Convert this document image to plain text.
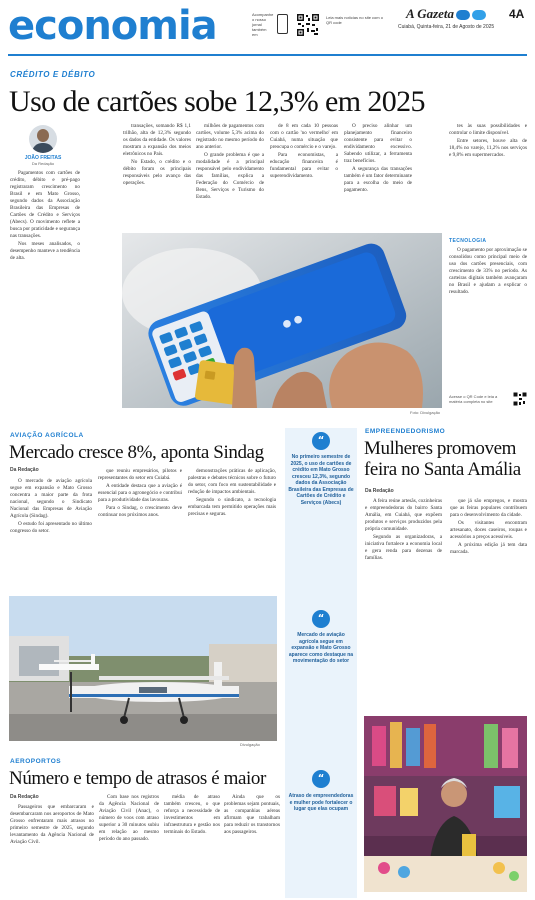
economia	Acompanhe o nosso jornal também em
Leia mais notícias no site com o QR code
A Gazeta	4A
Cuiabá, Quinta-feira, 21 de Agosto de 2025
CRÉDITO E DÉBITO
Uso de cartões sobe 12,3% em 2025
JOÃO FREITAS
Da Redação

Pagamentos com cartões de crédito, débito e pré-pago registraram crescimento no Brasil e em Mato Grosso, segundo dados da Associação Brasileira das Empresas de Cartões de Crédito e Serviços (Abecs). O movimento reflete a busca por praticidade e segurança nas transações.

Nos meses analisados, o desempenho manteve a tendência de alta.

transações, somando R$ 1,1 trilhão, alta de 12,3% segundo os dados da entidade. Os valores mostram a expansão dos meios eletrônicos no País.

No Estado, o crédito e o débito foram os principais responsáveis pelo avanço das operações.

milhões de pagamentos com cartões, volume 5,3% acima do registrado no mesmo período do ano anterior.

O grande problema é que a modalidade é a principal responsável pelo endividamento das famílias, explica a Federação do Comércio de Bens, Serviços e Turismo do Estado.

de 8 em cada 10 pessoas com o cartão 'no vermelho' em Cuiabá, numa situação que preocupa o comércio e o varejo.

Para economistas, a educação financeira é fundamental para evitar o superendividamento.

O preciso alinhar um planejamento financeiro consistente para evitar o endividamento excessivo. Sabendo utilizar, a ferramenta traz benefícios.

A segurança das transações também é um fator determinante para a escolha do meio de pagamento.

tes às suas possibilidades e controlar o limite disponível.

Entre setores, houve alta de 18,4% no varejo, 11,2% nos serviços e 9,8% em supermercados.

TECNOLOGIA

O pagamento por aproximação se consolidou como principal meio de uso dos cartões presenciais, com crescimento de 33% no período. As carteiras digitais também avançaram no Brasil e ajudam a explicar o resultado.

Acesse o QR Code e leia a matéria completa no site
● ●
Foto: Divulgação
AVIAÇÃO AGRÍCOLA
Mercado cresce 8%, aponta Sindag
Da Redação

O mercado de aviação agrícola segue em expansão e Mato Grosso concentra a maior parte da frota nacional, segundo o Sindicato Nacional das Empresas de Aviação Agrícola (Sindag).

O estudo foi apresentado no último congresso do setor.

que reuniu empresários, pilotos e representantes do setor em Cuiabá.

A entidade destaca que a aviação é essencial para o agronegócio e contribui para a produtividade das lavouras.

Para o Sindag, o crescimento deve continuar nos próximos anos.

demonstrações práticas de aplicação, palestras e debates técnicos sobre o futuro do setor, com foco em sustentabilidade e redução de impactos ambientais.

Segundo o sindicato, a tecnologia embarcada tem permitido operações mais precisas e seguras.

Divulgação
“
No primeiro semestre de 2025, o uso de cartões de crédito em Mato Grosso cresceu 12,3%, segundo dados da Associação Brasileira das Empresas de Cartões de Crédito e Serviços (Abecs)
“
Mercado de aviação agrícola segue em expansão e Mato Grosso aparece como destaque na movimentação do setor
“
Atraso de empreendedoras e mulher pode fortalecer o lugar que elas ocupam
EMPREENDEDORISMO
Mulheres promovem
feira no Santa Amália
Da Redação

A feira reúne artesãs, cozinheiras e empreendedoras do bairro Santa Amália, em Cuiabá, que expõem produtos e serviços produzidos pela própria comunidade.

Segundo as organizadoras, a iniciativa fortalece a economia local e gera renda para dezenas de famílias.

que já são empregos, e mostra que as feiras populares contribuem para o desenvolvimento da cidade.

Os visitantes encontram artesanato, doces caseiros, roupas e acessórios a preços acessíveis.

A próxima edição já tem data marcada.

AEROPORTOS
Número e tempo de atrasos é maior
Da Redação

Passageiros que embarcaram e desembarcaram nos aeroportos de Mato Grosso enfrentaram mais atrasos no primeiro semestre de 2025, segundo levantamento da Agência Nacional de Aviação Civil.

Com base nos registros da Agência Nacional de Aviação Civil (Anac), o número de voos com atraso superior a 30 minutos subiu em relação ao mesmo período do ano passado.

média de atraso também cresceu, o que reforça a necessidade de investimentos em infraestrutura e gestão nos terminais do Estado.

Ainda que os problemas sejam pontuais, as companhias aéreas afirmam que trabalham para reduzir os transtornos aos passageiros.
